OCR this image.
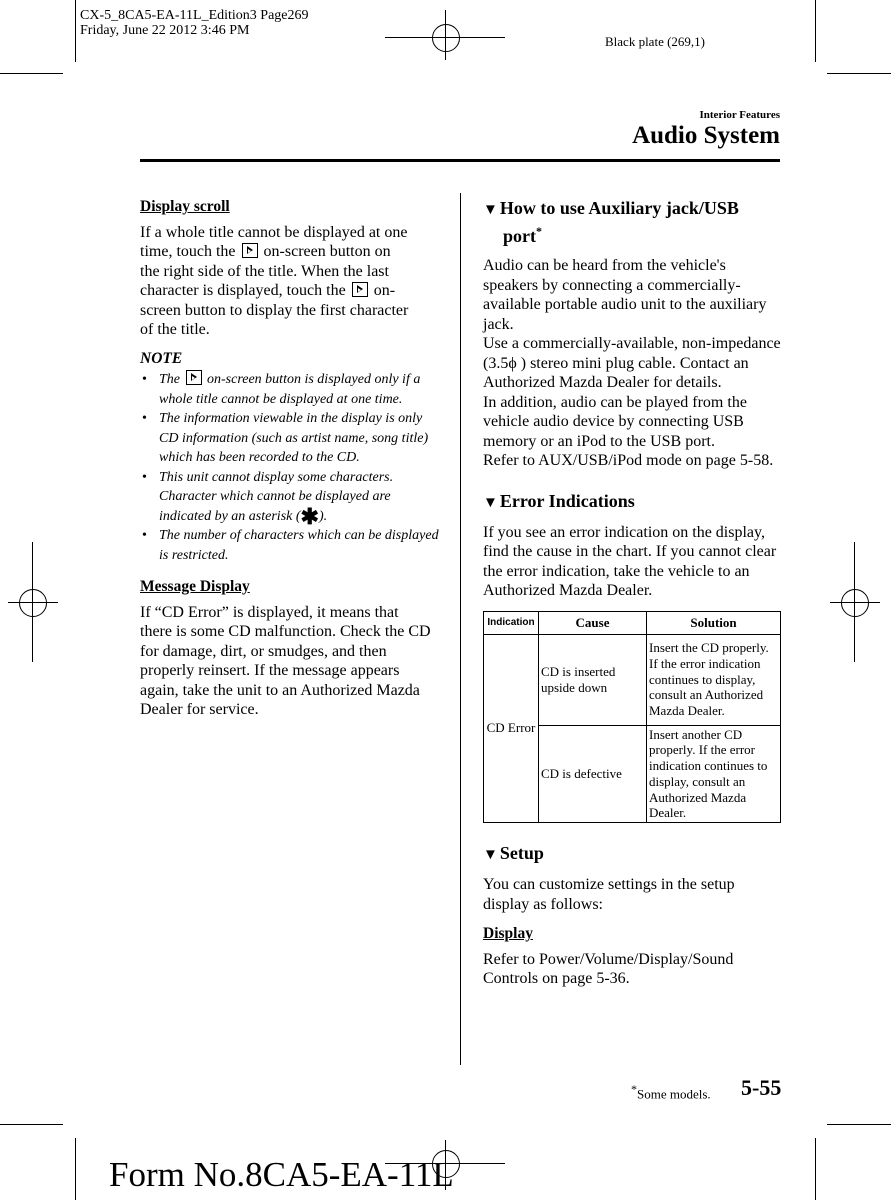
CX-5_8CA5-EA-11L_Edition3 Page269
Friday, June 22 2012 3:46 PM
Black plate (269,1)
Interior Features
Audio System
Display scroll

If a whole title cannot be displayed at one

time, touch the on-screen button on

the right side of the title. When the last

character is displayed, touch the on-

screen button to display the first character

of the title.

NOTE
• The on-screen button is displayed only if a whole title cannot be displayed at one time.
• The information viewable in the display is only CD information (such as artist name, song title) which has been recorded to the CD.
• This unit cannot display some characters. Character which cannot be displayed are indicated by an asterisk (✱).
• The number of characters which can be displayed is restricted.
Message Display

If “CD Error” is displayed, it means that there is some CD malfunction. Check the CD for damage, dirt, or smudges, and then properly reinsert. If the message appears again, take the unit to an Authorized Mazda Dealer for service.

▼ How to use Auxiliary jack/USB
port*

Audio can be heard from the vehicle's speakers by connecting a commercially-available portable audio unit to the auxiliary jack.

Use a commercially-available, non-impedance (3.5ϕ ) stereo mini plug cable. Contact an Authorized Mazda Dealer for details.

In addition, audio can be played from the vehicle audio device by connecting USB memory or an iPod to the USB port.

Refer to AUX/USB/iPod mode on page 5-58.

▼ Error Indications

If you see an error indication on the display, find the cause in the chart. If you cannot clear the error indication, take the vehicle to an Authorized Mazda Dealer.

Indication	Cause	Solution
CD Error	CD is inserted upside down	Insert the CD properly. If the error indication continues to display, consult an Authorized Mazda Dealer.
	CD is defective	Insert another CD properly. If the error indication continues to display, consult an Authorized Mazda Dealer.
▼ Setup

You can customize settings in the setup display as follows:

Display

Refer to Power/Volume/Display/Sound Controls on page 5-36.

*Some models. 5-55
Form No.8CA5-EA-11L
